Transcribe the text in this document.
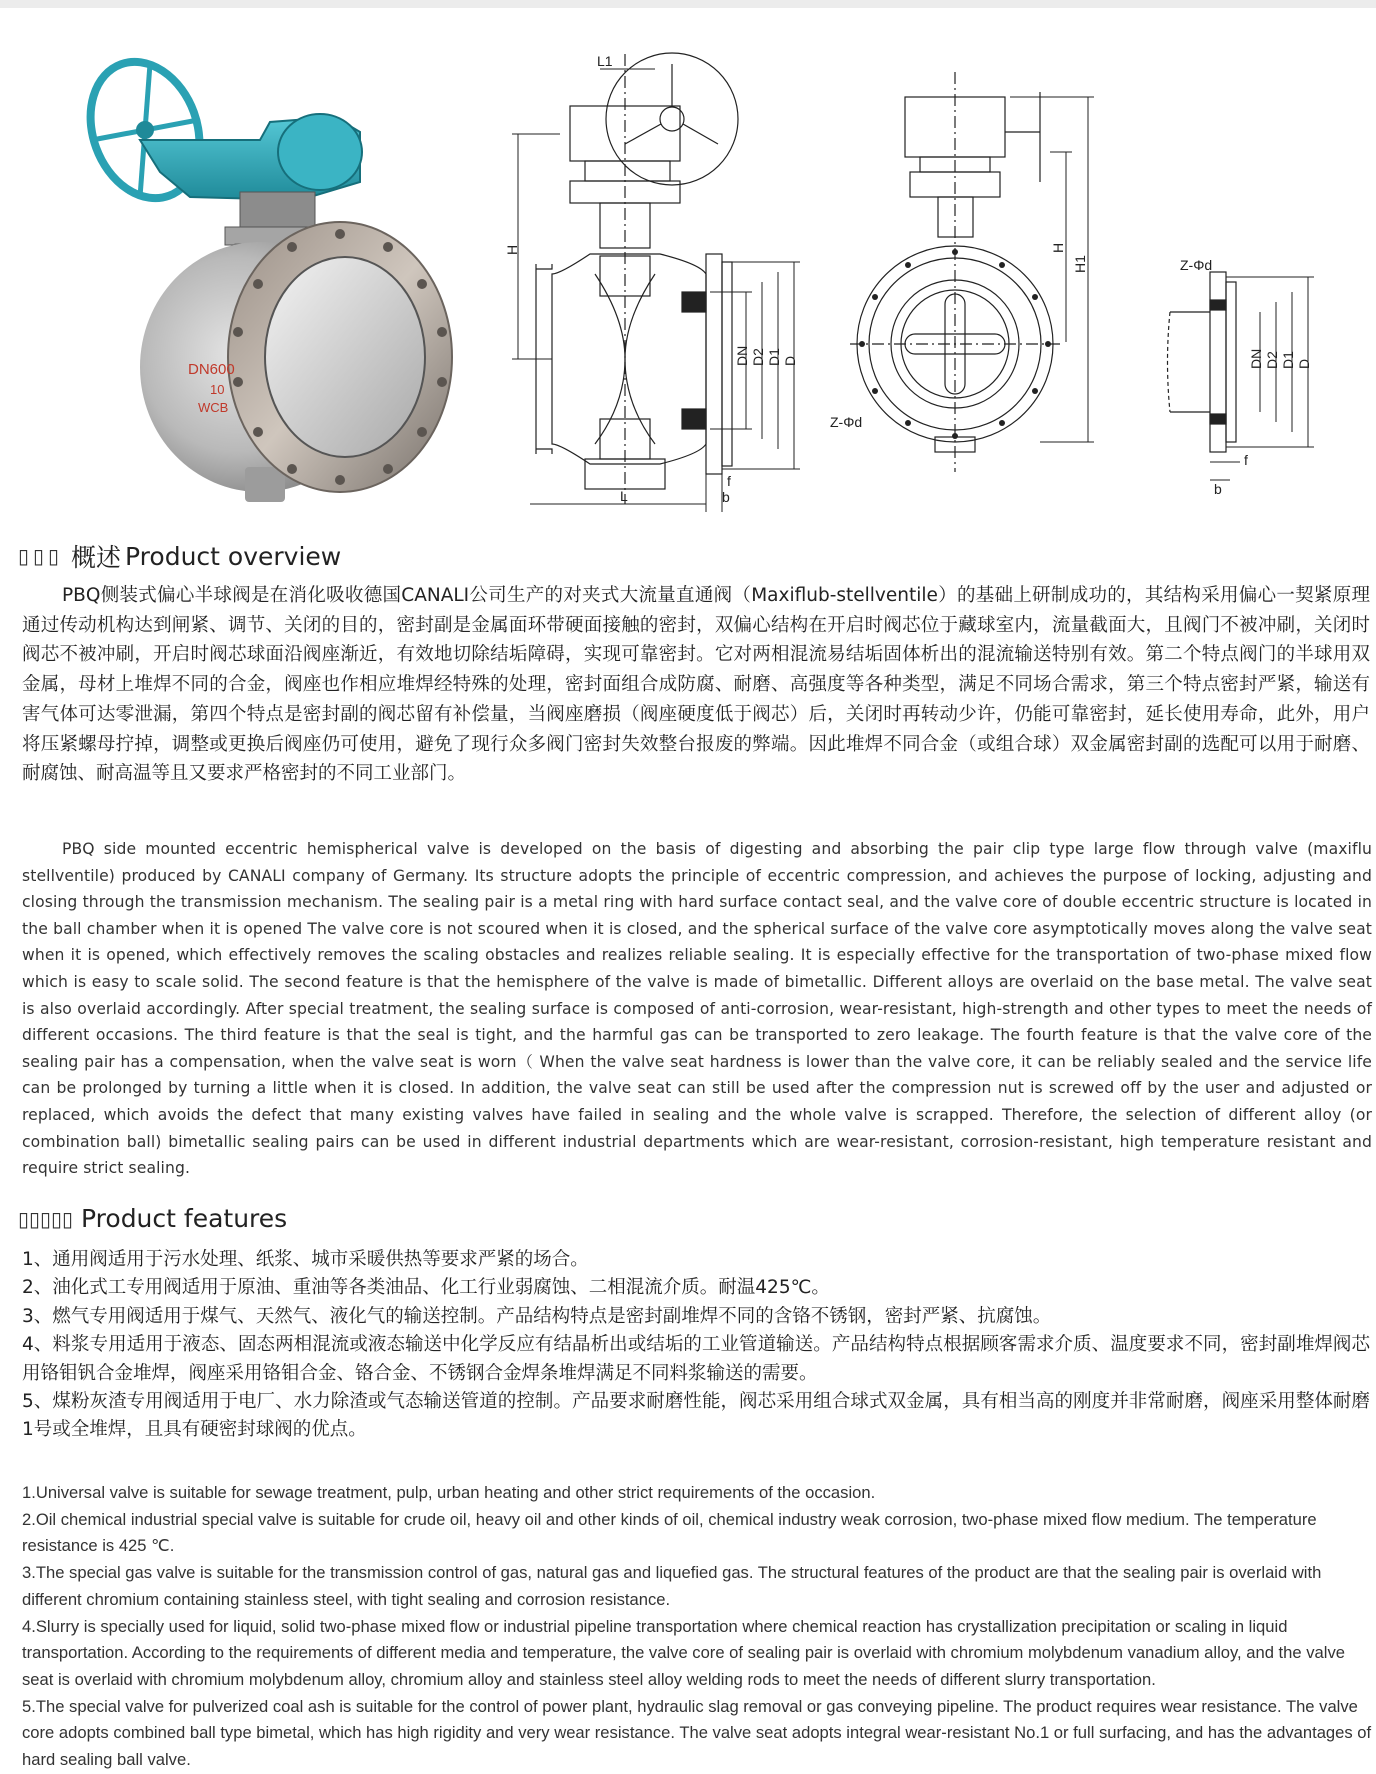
DN600
10
WCB
L1
H
DN D2 D1 D
f
b
L
H
H1
Z-Φd
Z-Φd
DN D2 D1 D
f
b
▯▯▯ 概述 Product overview

PBQ侧装式偏心半球阀是在消化吸收德国CANALI公司生产的对夹式大流量直通阀（Maxiflub-stellventile）的基础上研制成功的，其结构采用偏心一契紧原理通过传动机构达到闸紧、调节、关闭的目的，密封副是金属面环带硬面接触的密封，双偏心结构在开启时阀芯位于藏球室内，流量截面大，且阀门不被冲刷，关闭时阀芯不被冲刷，开启时阀芯球面沿阀座渐近，有效地切除结垢障碍，实现可靠密封。它对两相混流易结垢固体析出的混流输送特别有效。第二个特点阀门的半球用双金属，母材上堆焊不同的合金，阀座也作相应堆焊经特殊的处理，密封面组合成防腐、耐磨、高强度等各种类型，满足不同场合需求，第三个特点密封严紧，输送有害气体可达零泄漏，第四个特点是密封副的阀芯留有补偿量，当阀座磨损（阀座硬度低于阀芯）后，关闭时再转动少许，仍能可靠密封，延长使用寿命，此外，用户将压紧螺母拧掉，调整或更换后阀座仍可使用，避免了现行众多阀门密封失效整台报废的弊端。因此堆焊不同合金（或组合球）双金属密封副的选配可以用于耐磨、耐腐蚀、耐高温等且又要求严格密封的不同工业部门。

PBQ side mounted eccentric hemispherical valve is developed on the basis of digesting and absorbing the pair clip type large flow through valve (maxiflu stellventile) produced by CANALI company of Germany. Its structure adopts the principle of eccentric compression, and achieves the purpose of locking, adjusting and closing through the transmission mechanism. The sealing pair is a metal ring with hard surface contact seal, and the valve core of double eccentric structure is located in the ball chamber when it is opened The valve core is not scoured when it is closed, and the spherical surface of the valve core asymptotically moves along the valve seat when it is opened, which effectively removes the scaling obstacles and realizes reliable sealing. It is especially effective for the transportation of two-phase mixed flow which is easy to scale solid. The second feature is that the hemisphere of the valve is made of bimetallic. Different alloys are overlaid on the base metal. The valve seat is also overlaid accordingly. After special treatment, the sealing surface is composed of anti-corrosion, wear-resistant, high-strength and other types to meet the needs of different occasions. The third feature is that the seal is tight, and the harmful gas can be transported to zero leakage. The fourth feature is that the valve core of the sealing pair has a compensation, when the valve seat is worn（ When the valve seat hardness is lower than the valve core, it can be reliably sealed and the service life can be prolonged by turning a little when it is closed. In addition, the valve seat can still be used after the compression nut is screwed off by the user and adjusted or replaced, which avoids the defect that many existing valves have failed in sealing and the whole valve is scrapped. Therefore, the selection of different alloy (or combination ball) bimetallic sealing pairs can be used in different industrial departments which are wear-resistant, corrosion-resistant, high temperature resistant and require strict sealing.

▯▯▯▯▯ Product features
1、通用阀适用于污水处理、纸浆、城市采暖供热等要求严紧的场合。
2、油化式工专用阀适用于原油、重油等各类油品、化工行业弱腐蚀、二相混流介质。耐温425℃。
3、燃气专用阀适用于煤气、天然气、液化气的输送控制。产品结构特点是密封副堆焊不同的含铬不锈钢，密封严紧、抗腐蚀。
4、料浆专用适用于液态、固态两相混流或液态输送中化学反应有结晶析出或结垢的工业管道输送。产品结构特点根据顾客需求介质、温度要求不同，密封副堆焊阀芯用铬钼钒合金堆焊，阀座采用铬钼合金、铬合金、不锈钢合金焊条堆焊满足不同料浆输送的需要。
5、煤粉灰渣专用阀适用于电厂、水力除渣或气态输送管道的控制。产品要求耐磨性能，阀芯采用组合球式双金属，具有相当高的刚度并非常耐磨，阀座采用整体耐磨1号或全堆焊，且具有硬密封球阀的优点。
1.Universal valve is suitable for sewage treatment, pulp, urban heating and other strict requirements of the occasion.
2.Oil chemical industrial special valve is suitable for crude oil, heavy oil and other kinds of oil, chemical industry weak corrosion, two-phase mixed flow medium. The temperature resistance is 425 ℃.
3.The special gas valve is suitable for the transmission control of gas, natural gas and liquefied gas. The structural features of the product are that the sealing pair is overlaid with different chromium containing stainless steel, with tight sealing and corrosion resistance.
4.Slurry is specially used for liquid, solid two-phase mixed flow or industrial pipeline transportation where chemical reaction has crystallization precipitation or scaling in liquid transportation. According to the requirements of different media and temperature, the valve core of sealing pair is overlaid with chromium molybdenum vanadium alloy, and the valve seat is overlaid with chromium molybdenum alloy, chromium alloy and stainless steel alloy welding rods to meet the needs of different slurry transportation.
5.The special valve for pulverized coal ash is suitable for the control of power plant, hydraulic slag removal or gas conveying pipeline. The product requires wear resistance. The valve core adopts combined ball type bimetal, which has high rigidity and very wear resistance. The valve seat adopts integral wear-resistant No.1 or full surfacing, and has the advantages of hard sealing ball valve.
